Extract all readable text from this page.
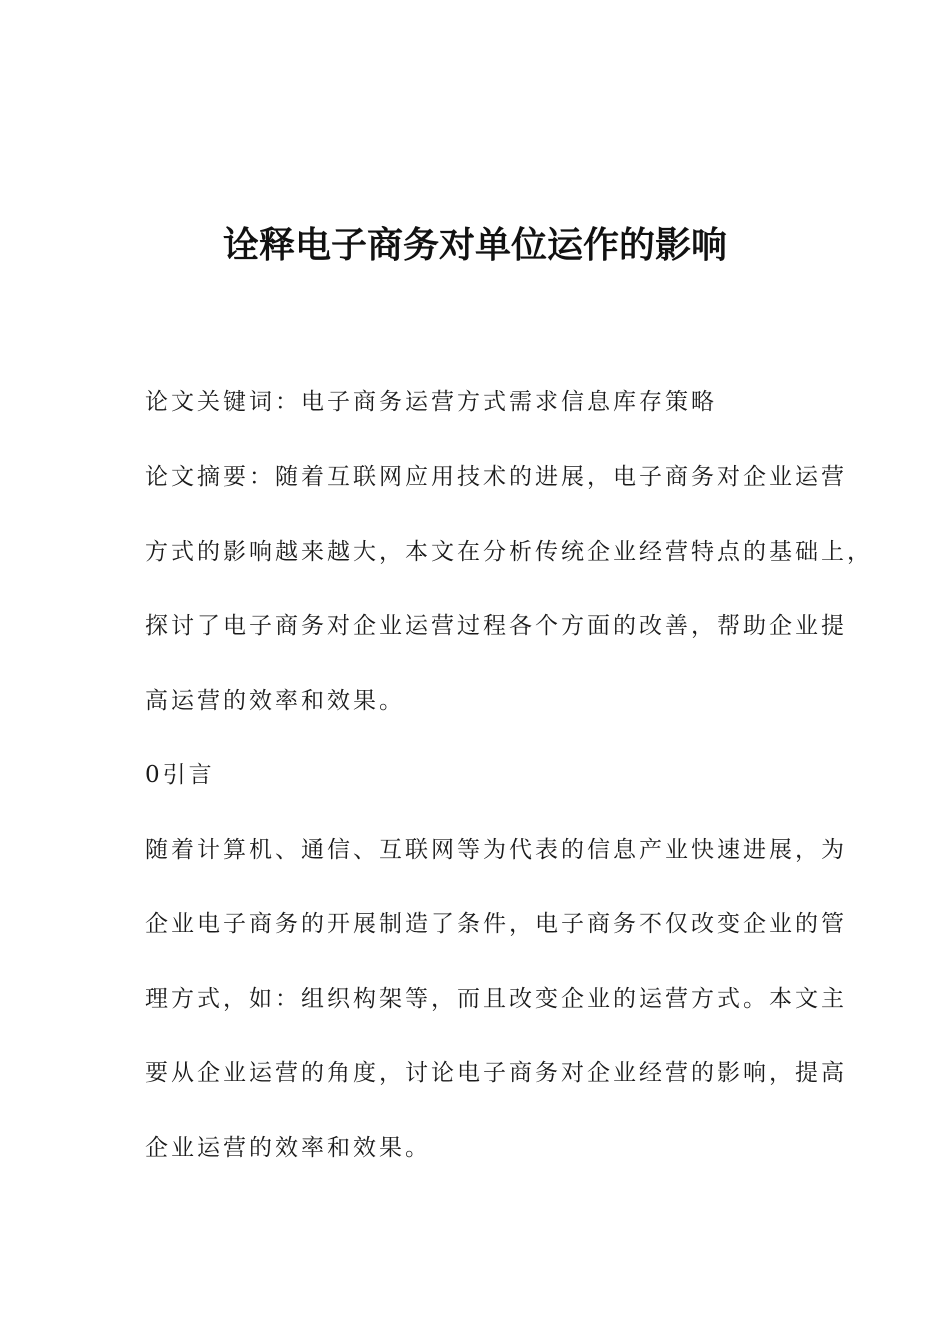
诠释电子商务对单位运作的影响
论文关键词：电子商务运营方式需求信息库存策略
论文摘要：随着互联网应用技术的进展，电子商务对企业运营
方式的影响越来越大，本文在分析传统企业经营特点的基础上，
探讨了电子商务对企业运营过程各个方面的改善，帮助企业提
高运营的效率和效果。
0引言
随着计算机、通信、互联网等为代表的信息产业快速进展，为
企业电子商务的开展制造了条件，电子商务不仅改变企业的管
理方式，如：组织构架等，而且改变企业的运营方式。本文主
要从企业运营的角度，讨论电子商务对企业经营的影响，提高
企业运营的效率和效果。
